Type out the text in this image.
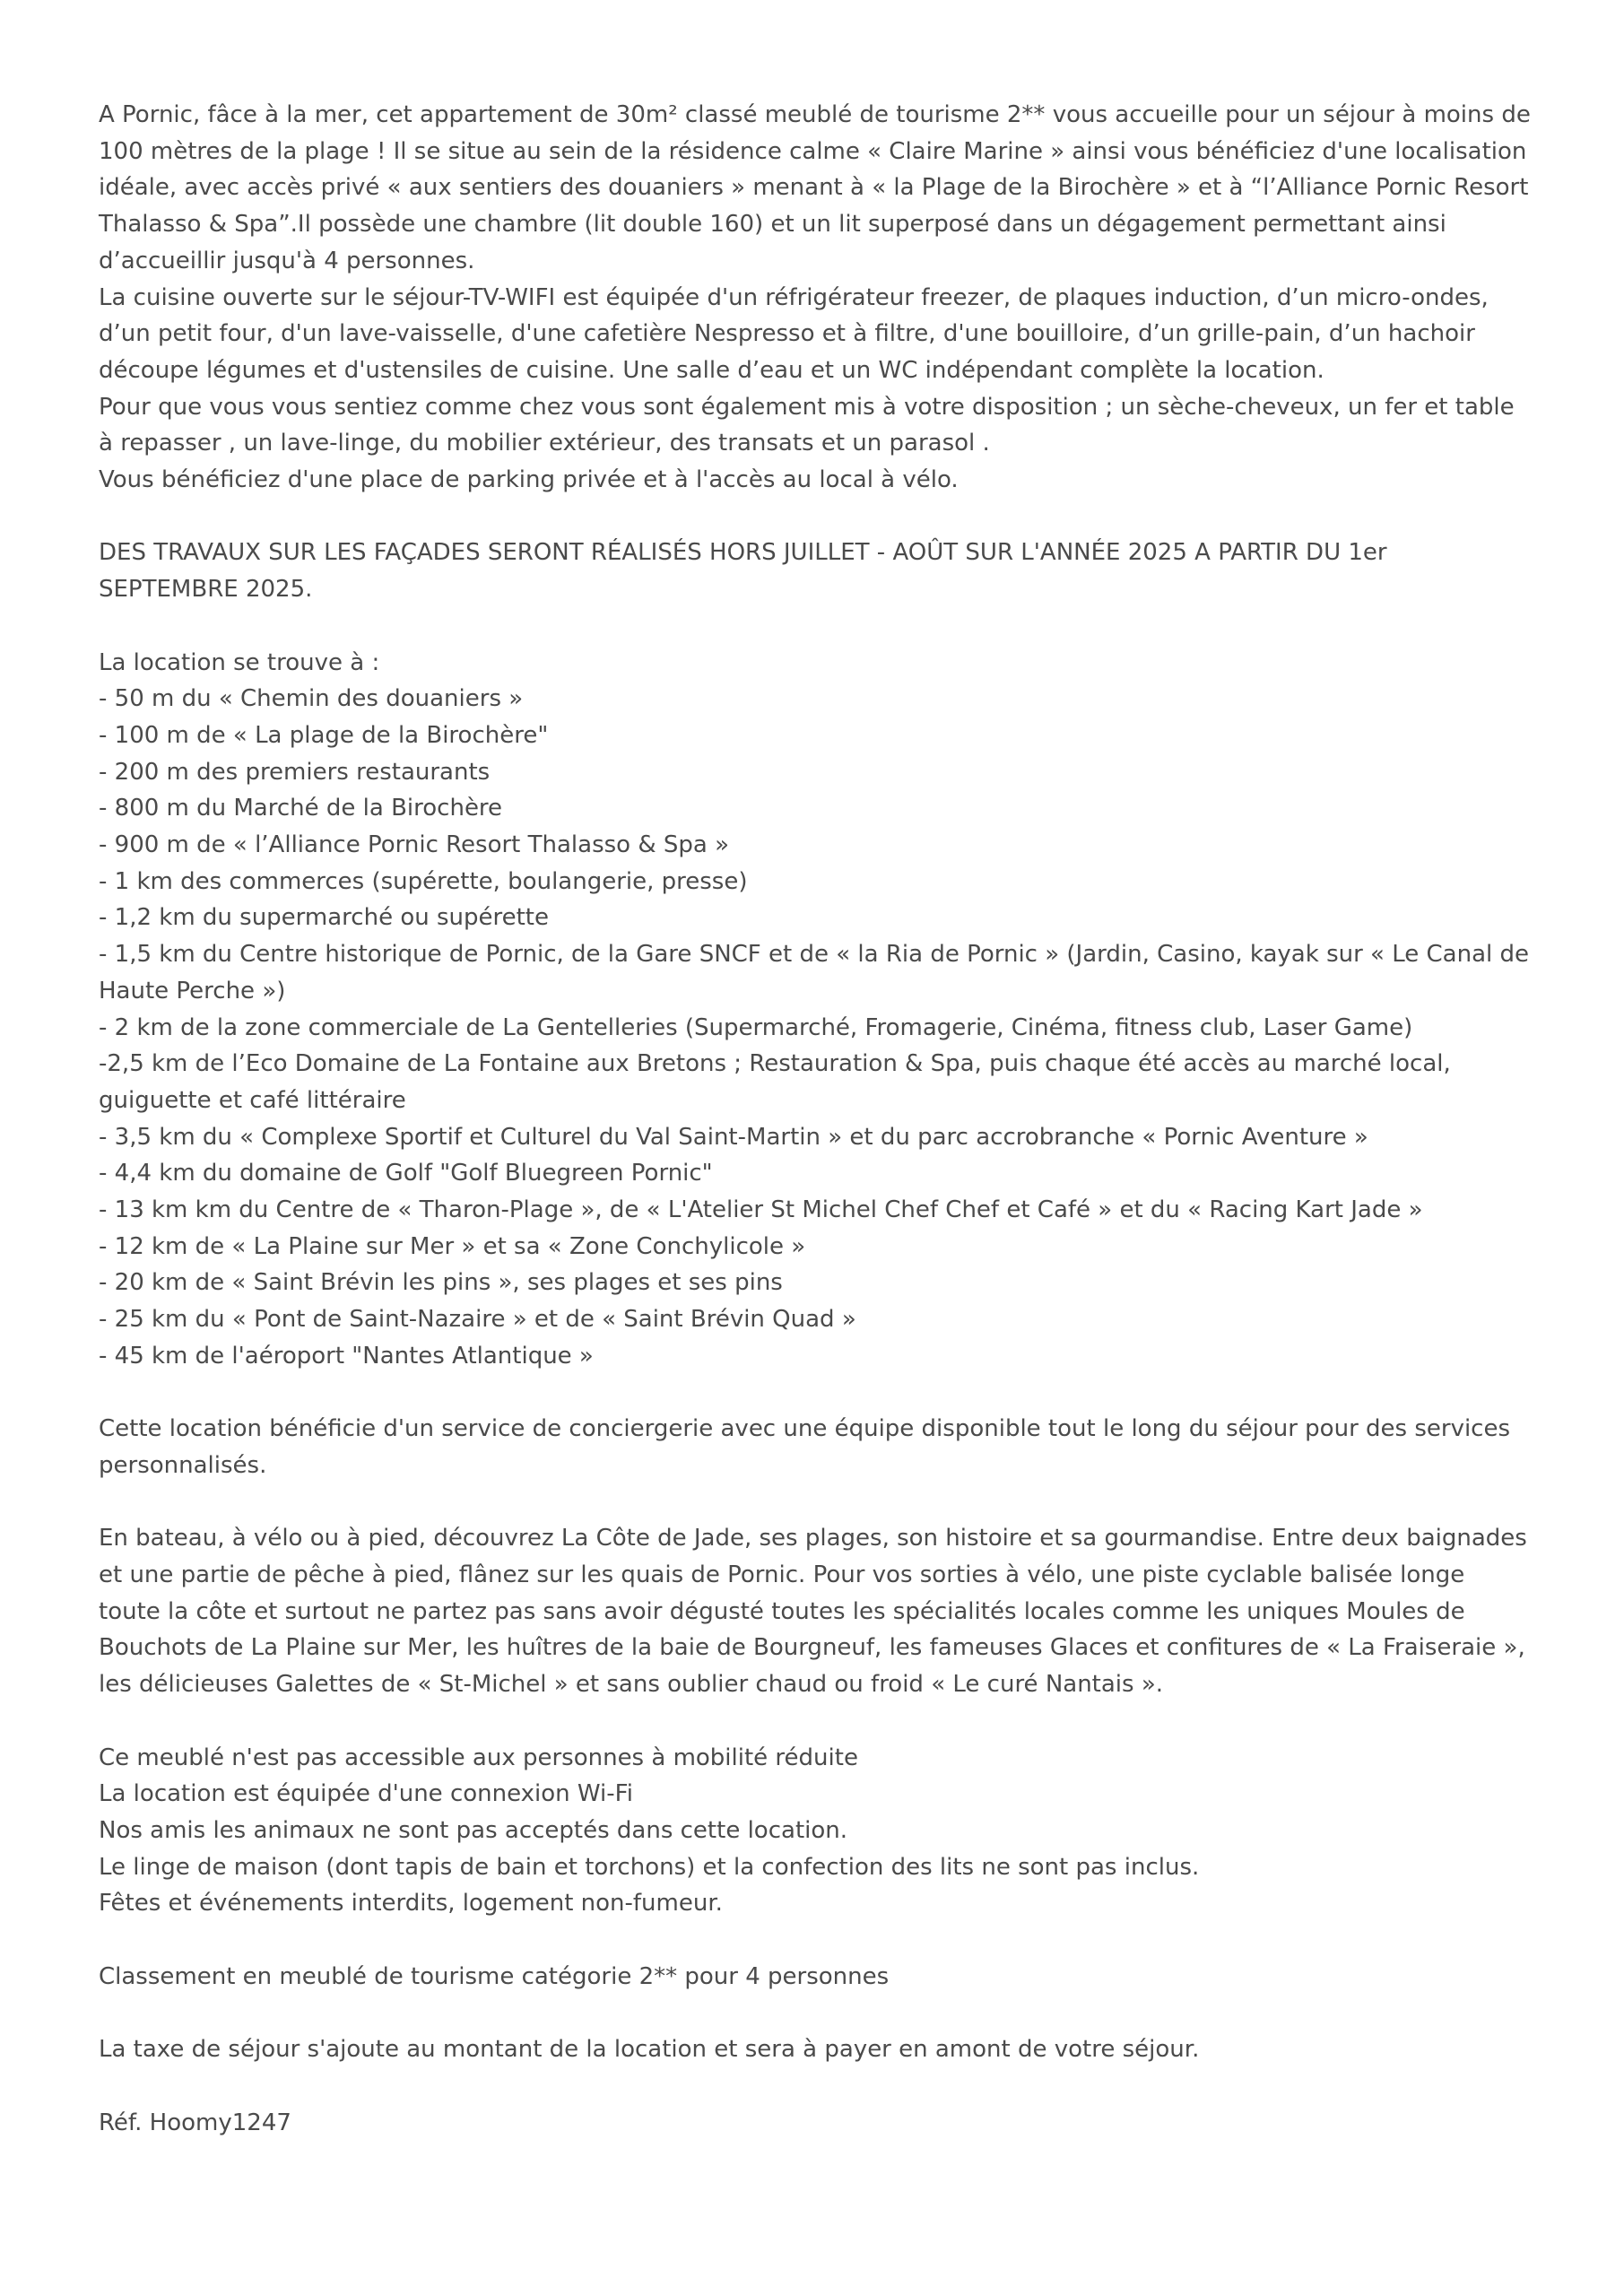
A Pornic, fâce à la mer, cet appartement de 30m² classé meublé de tourisme 2** vous accueille pour un séjour à moins de 100 mètres de la plage ! Il se situe au sein de la résidence calme « Claire Marine » ainsi vous bénéficiez d'une localisation idéale, avec accès privé « aux sentiers des douaniers » menant à « la Plage de la Birochère » et à “l’Alliance Pornic Resort Thalasso & Spa”.Il possède une chambre (lit double 160) et un lit superposé dans un dégagement permettant ainsi d’accueillir jusqu'à 4 personnes.

La cuisine ouverte sur le séjour-TV-WIFI est équipée d'un réfrigérateur freezer, de plaques induction, d’un micro-ondes, d’un petit four, d'un lave-vaisselle, d'une cafetière Nespresso et à filtre, d'une bouilloire, d’un grille-pain, d’un hachoir découpe légumes et d'ustensiles de cuisine. Une salle d’eau et un WC indépendant complète la location.

Pour que vous vous sentiez comme chez vous sont également mis à votre disposition ; un sèche-cheveux, un fer et table à repasser , un lave-linge, du mobilier extérieur, des transats et un parasol .

Vous bénéficiez d'une place de parking privée et à l'accès au local à vélo.

DES TRAVAUX SUR LES FAÇADES SERONT RÉALISÉS HORS JUILLET - AOÛT SUR L'ANNÉE 2025 A PARTIR DU 1er SEPTEMBRE 2025.

La location se trouve à :

- 50 m du « Chemin des douaniers »
- 100 m de « La plage de la Birochère"
- 200 m des premiers restaurants
- 800 m du Marché de la Birochère
- 900 m de « l’Alliance Pornic Resort Thalasso & Spa »
- 1 km des commerces (supérette, boulangerie, presse)
- 1,2 km du supermarché ou supérette
- 1,5 km du Centre historique de Pornic, de la Gare SNCF et de « la Ria de Pornic » (Jardin, Casino, kayak sur « Le Canal de Haute Perche »)
- 2 km de la zone commerciale de La Gentelleries (Supermarché, Fromagerie, Cinéma, fitness club, Laser Game)
-2,5 km de l’Eco Domaine de La Fontaine aux Bretons ; Restauration & Spa, puis chaque été accès au marché local, guiguette et café littéraire
- 3,5 km du « Complexe Sportif et Culturel du Val Saint-Martin » et du parc accrobranche « Pornic Aventure »
- 4,4 km du domaine de Golf "Golf Bluegreen Pornic"
- 13 km km du Centre de « Tharon-Plage », de « L'Atelier St Michel Chef Chef et Café » et du « Racing Kart Jade »
- 12 km de « La Plaine sur Mer » et sa « Zone Conchylicole »
- 20 km de « Saint Brévin les pins », ses plages et ses pins
- 25 km du « Pont de Saint-Nazaire » et de « Saint Brévin Quad »
- 45 km de l'aéroport "Nantes Atlantique »

Cette location bénéficie d'un service de conciergerie avec une équipe disponible tout le long du séjour pour des services personnalisés.

En bateau, à vélo ou à pied, découvrez La Côte de Jade, ses plages, son histoire et sa gourmandise. Entre deux baignades et une partie de pêche à pied, flânez sur les quais de Pornic. Pour vos sorties à vélo, une piste cyclable balisée longe toute la côte et surtout ne partez pas sans avoir dégusté toutes les spécialités locales comme les uniques Moules de Bouchots de La Plaine sur Mer, les huîtres de la baie de Bourgneuf, les fameuses Glaces et confitures de « La Fraiseraie », les délicieuses Galettes de « St-Michel » et sans oublier chaud ou froid « Le curé Nantais ».

Ce meublé n'est pas accessible aux personnes à mobilité réduite

La location est équipée d'une connexion Wi-Fi

Nos amis les animaux ne sont pas acceptés dans cette location.

Le linge de maison (dont tapis de bain et torchons) et la confection des lits ne sont pas inclus.

Fêtes et événements interdits, logement non-fumeur.

Classement en meublé de tourisme catégorie 2** pour 4 personnes

La taxe de séjour s'ajoute au montant de la location et sera à payer en amont de votre séjour.

Réf. Hoomy1247
